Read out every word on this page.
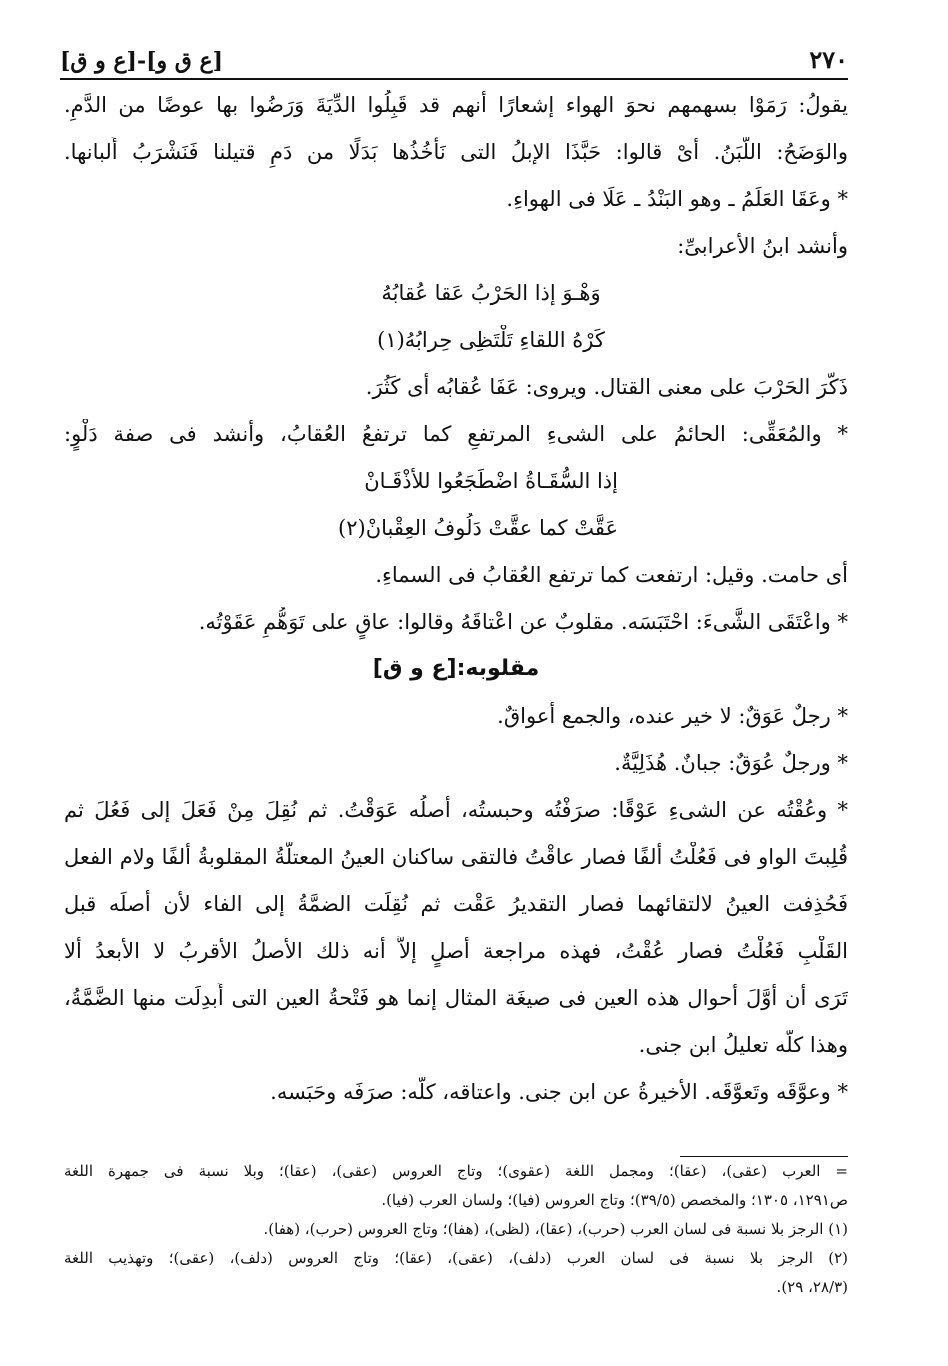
٢٧٠
[ع ق و]-[ع و ق]
يقولُ: رَمَوْا بسهمهم نحوَ الهواء إشعارًا أنهم قد قَبِلُوا الدِّيَةَ وَرَضُوا بها عوضًا من الدَّمِ.
والوَضَحُ: اللَّبَنُ. أىْ قالوا: حَبَّذَا الإبلُ التى نَأخُذُها بَدَلًا من دَمِ قتيلنا فَنَشْرَبُ أَلبانها.
* وعَقَا العَلَمُ ـ وهو البَنْدُ ـ عَلَا فى الهواءِ.
وأنشد ابنُ الأعرابىِّ:
وَهْـوَ إذا الحَرْبُ عَقا عُقابُهُ
كَرْهُ اللقاءِ تَلْتَظِى حِرابُهُ(١)
ذَكَّرَ الحَرْبَ على معنى القتال. ويروى: عَفَا عُقابُه أى كَثُرَ.
* والمُعَقِّى: الحائمُ على الشىءِ المرتفعِ كما ترتفعُ العُقابُ، وأنشد فى صفة دَلْوٍ:
إذا السُّقَـاةُ اضْطَجَعُوا للأذْقَـانْ
عَقَّتْ كما عقَّتْ دَلُوفُ العِقْبانْ(٢)
أى حامت. وقيل: ارتفعت كما ترتفع العُقابُ فى السماءِ.
* واعْتَقَى الشَّىءَ: احْتَبَسَه. مقلوبٌ عن اعْتاقَهُ وقالوا: عاقٍ على تَوَهُّمِ عَقَوْتُه.
مقلوبه:[ع و ق]
* رجلٌ عَوَقٌ: لا خير عنده، والجمع أعواقٌ.
* ورجلٌ عُوَقٌ: جبانٌ. هُذَلِيَّةٌ.
* وعُقْتُه عن الشىءِ عَوْقًا: صرَفْتُه وحبستُه، أصلُه عَوَقْتُ. ثم نُقِلَ مِنْ فَعَلَ إلى فَعُلَ ثم
قُلِبتَ الواو فى فَعُلْتُ ألفًا فصار عاقْتُ فالتقى ساكنان العينُ المعتلَّةُ المقلوبةُ ألفًا ولام الفعل
فَحُذِفت العينُ لالتقائهما فصار التقديرُ عَقْت ثم نُقِلَت الضمَّةُ إلى الفاء لأن أصلَه قبل
القَلْبِ فَعُلْتُ فصار عُقْتُ، فهذه مراجعة أصلٍ إلاَّ أنه ذلك الأصلُ الأقربُ لا الأبعدُ ألا
تَرَى أن أوَّلَ أحوال هذه العين فى صيغَة المثال إنما هو فَتْحةُ العين التى أُبدِلَت منها الضَّمَّةُ،
وهذا كلُّه تعليلُ ابن جنى.
* وعوَّقَه وتَعوَّقَه. الأخيرةُ عن ابن جنى. واعتاقه، كلُّه: صرَفَه وحَبَسه.
= العرب (عقى)، (عقا)؛ ومجمل اللغة (عقوى)؛ وتاج العروس (عقى)، (عقا)؛ وبلا نسبة فى جمهرة اللغة
ص١٢٩١، ١٣٠٥؛ والمخصص (٣٩/٥)؛ وتاج العروس (فيا)؛ ولسان العرب (فيا).
(١) الرجز بلا نسبة فى لسان العرب (حرب)، (عقا)، (لظى)، (هفا)؛ وتاج العروس (حرب)، (هفا).
(٢) الرجز بلا نسبة فى لسان العرب (دلف)، (عقى)، (عقا)؛ وتاج العروس (دلف)، (عقى)؛ وتهذيب اللغة
(٢٨/٣، ٢٩).
